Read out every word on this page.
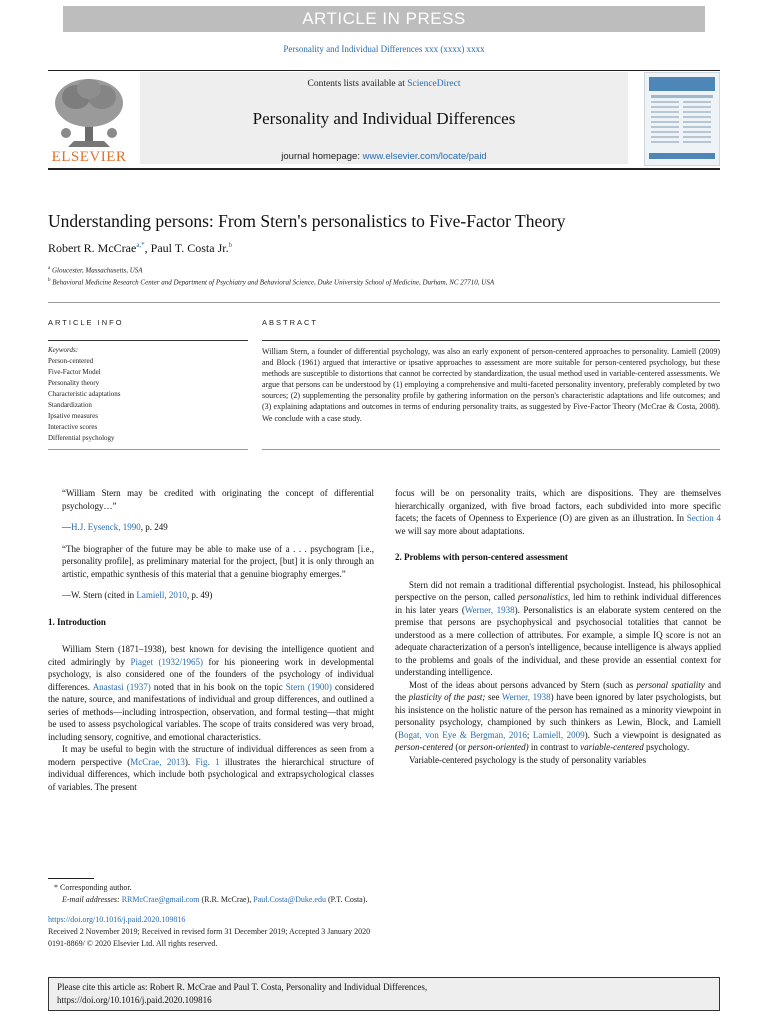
ARTICLE IN PRESS
Personality and Individual Differences xxx (xxxx) xxxx
ELSEVIER
Contents lists available at ScienceDirect
Personality and Individual Differences
journal homepage: www.elsevier.com/locate/paid
Understanding persons: From Stern's personalistics to Five-Factor Theory
Robert R. McCrae$^{a,*}$, Paul T. Costa Jr.$^b$
$^a$ Gloucester, Massachusetts, USA
$^b$ Behavioral Medicine Research Center and Department of Psychiatry and Behavioral Science, Duke University School of Medicine, Durham, NC 27710, USA
ARTICLE INFO	ABSTRACT
Keywords:
Person-centered
Five-Factor Model
Personality theory
Characteristic adaptations
Standardization
Ipsative measures
Interactive scores
Differential psychology
William Stern, a founder of differential psychology, was also an early exponent of person-centered approaches to personality. Lamiell (2009) and Block (1961) argued that interactive or ipsative approaches to assessment are more suitable for person-centered psychology, but these methods are susceptible to distortions that cannot be corrected by standardization, the usual method used in variable-centered assessments. We argue that persons can be understood by (1) employing a comprehensive and multi-faceted personality inventory, preferably completed by two sources; (2) supplementing the personality profile by gathering information on the person's characteristic adaptations and life outcomes; and (3) explaining adaptations and outcomes in terms of enduring personality traits, as suggested by Five-Factor Theory (McCrae & Costa, 2008). We conclude with a case study.

“William Stern may be credited with originating the concept of differential psychology…”

—H.J. Eysenck, 1990, p. 249

“The biographer of the future may be able to make use of a . . . psychogram [i.e., personality profile], as preliminary material for the project, [but] it is only through an artistic, empathic synthesis of this material that a genuine biography emerges.”

—W. Stern (cited in Lamiell, 2010, p. 49)

1. Introduction

William Stern (1871–1938), best known for devising the intelligence quotient and cited admiringly by Piaget (1932/1965) for his pioneering work in developmental psychology, is also considered one of the founders of the psychology of individual differences. Anastasi (1937) noted that in his book on the topic Stern (1900) considered the nature, source, and manifestations of individual and group differences, and outlined a series of methods—including introspection, observation, and formal testing—that might be used to assess psychological variables. The scope of traits considered was very broad, including sensory, cognitive, and emotional characteristics.

It may be useful to begin with the structure of individual differences as seen from a modern perspective (McCrae, 2013). Fig. 1 illustrates the hierarchical structure of individual differences, which include both psychological and extrapsychological classes of variables. The present

focus will be on personality traits, which are dispositions. They are themselves hierarchically organized, with five broad factors, each subdivided into more specific facets; the facets of Openness to Experience (O) are given as an illustration. In Section 4 we will say more about adaptations.

2. Problems with person-centered assessment

Stern did not remain a traditional differential psychologist. Instead, his philosophical perspective on the person, called personalistics, led him to rethink individual differences in his later years (Werner, 1938). Personalistics is an elaborate system centered on the premise that persons are psychophysical and psychosocial totalities that cannot be understood as a mere collection of attributes. For example, a simple IQ score is not an adequate characterization of a person's intelligence, because intelligence is always applied to the problems and goals of the individual, and these provide an essential context for understanding intelligence.

Most of the ideas about persons advanced by Stern (such as personal spatiality and the plasticity of the past; see Werner, 1938) have been ignored by later psychologists, but his insistence on the holistic nature of the person has remained as a minority viewpoint in personality psychology, championed by such thinkers as Lewin, Block, and Lamiell (Bogat, von Eye & Bergman, 2016; Lamiell, 2009). Such a viewpoint is designated as person-centered (or person-oriented) in contrast to variable-centered psychology.

Variable-centered psychology is the study of personality variables

* Corresponding author.
E-mail addresses: RRMcCrae@gmail.com (R.R. McCrae), Paul.Costa@Duke.edu (P.T. Costa).
https://doi.org/10.1016/j.paid.2020.109816
Received 2 November 2019; Received in revised form 31 December 2019; Accepted 3 January 2020
0191-8869/ © 2020 Elsevier Ltd. All rights reserved.
Please cite this article as: Robert R. McCrae and Paul T. Costa, Personality and Individual Differences,
https://doi.org/10.1016/j.paid.2020.109816
